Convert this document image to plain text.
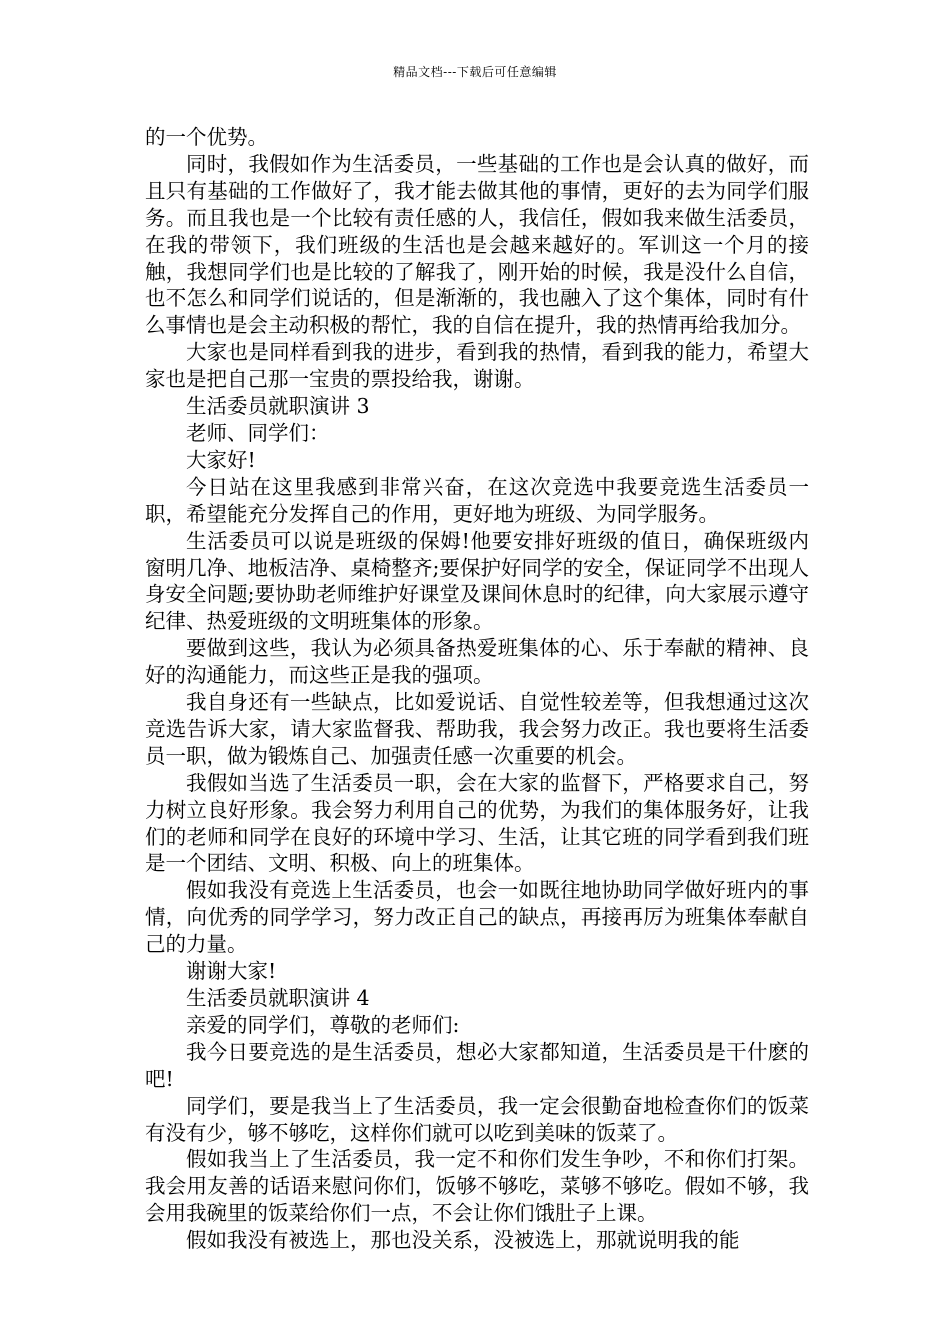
精品文档---下载后可任意编辑

的一个优势。

同时，我假如作为生活委员，一些基础的工作也是会认真的做好，而且只有基础的工作做好了，我才能去做其他的事情，更好的去为同学们服务。而且我也是一个比较有责任感的人，我信任，假如我来做生活委员，在我的带领下，我们班级的生活也是会越来越好的。军训这一个月的接触，我想同学们也是比较的了解我了，刚开始的时候，我是没什么自信，也不怎么和同学们说话的，但是渐渐的，我也融入了这个集体，同时有什么事情也是会主动积极的帮忙，我的自信在提升，我的热情再给我加分。

大家也是同样看到我的进步，看到我的热情，看到我的能力，希望大家也是把自己那一宝贵的票投给我，谢谢。

生活委员就职演讲 3

老师、同学们：

大家好!

今日站在这里我感到非常兴奋，在这次竞选中我要竞选生活委员一职，希望能充分发挥自己的作用，更好地为班级、为同学服务。

生活委员可以说是班级的保姆!他要安排好班级的值日，确保班级内窗明几净、地板洁净、桌椅整齐;要保护好同学的安全，保证同学不出现人身安全问题;要协助老师维护好课堂及课间休息时的纪律，向大家展示遵守纪律、热爱班级的文明班集体的形象。

要做到这些，我认为必须具备热爱班集体的心、乐于奉献的精神、良好的沟通能力，而这些正是我的强项。

我自身还有一些缺点，比如爱说话、自觉性较差等，但我想通过这次竞选告诉大家，请大家监督我、帮助我，我会努力改正。我也要将生活委员一职，做为锻炼自己、加强责任感一次重要的机会。

我假如当选了生活委员一职，会在大家的监督下，严格要求自己，努力树立良好形象。我会努力利用自己的优势，为我们的集体服务好，让我们的老师和同学在良好的环境中学习、生活，让其它班的同学看到我们班是一个团结、文明、积极、向上的班集体。

假如我没有竞选上生活委员，也会一如既往地协助同学做好班内的事情，向优秀的同学学习，努力改正自己的缺点，再接再厉为班集体奉献自己的力量。

谢谢大家!

生活委员就职演讲 4

亲爱的同学们，尊敬的老师们:

我今日要竞选的是生活委员，想必大家都知道，生活委员是干什麽的吧!

同学们，要是我当上了生活委员，我一定会很勤奋地检查你们的饭菜有没有少，够不够吃，这样你们就可以吃到美味的饭菜了。

假如我当上了生活委员，我一定不和你们发生争吵，不和你们打架。我会用友善的话语来慰问你们，饭够不够吃，菜够不够吃。假如不够，我会用我碗里的饭菜给你们一点，不会让你们饿肚子上课。

假如我没有被选上，那也没关系，没被选上，那就说明我的能
